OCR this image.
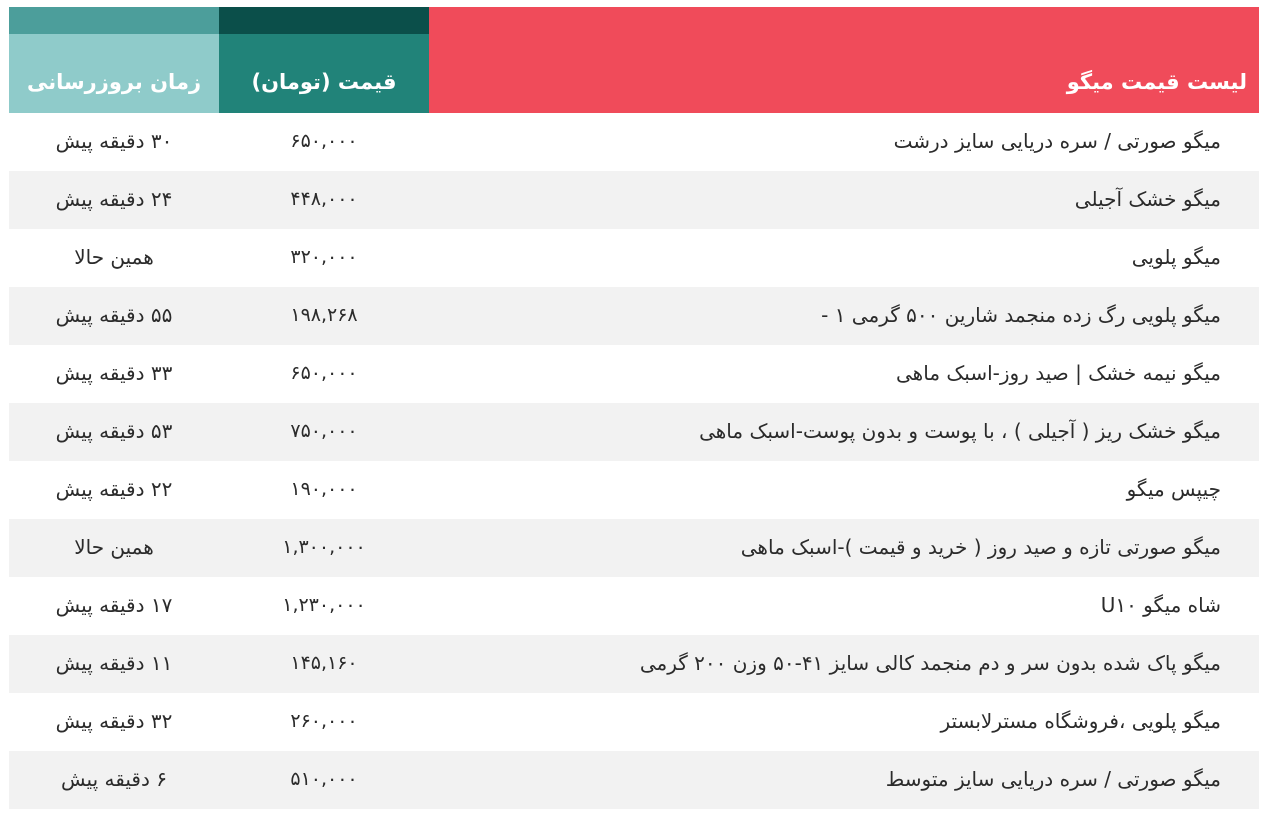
زمان بروزرسانی	قیمت (تومان)	لیست قیمت میگو
۳۰ دقیقه پیش	۶۵۰,۰۰۰	میگو صورتی / سره دریایی سایز درشت
۲۴ دقیقه پیش	۴۴۸,۰۰۰	میگو خشک آجیلی
همین حالا	۳۲۰,۰۰۰	میگو پلویی
۵۵ دقیقه پیش	۱۹۸,۲۶۸	میگو پلویی رگ زده منجمد شارین ۵۰۰ گرمی ۱ -
۳۳ دقیقه پیش	۶۵۰,۰۰۰	میگو نیمه خشک | صید روز-اسبک ماهی
۵۳ دقیقه پیش	۷۵۰,۰۰۰	میگو خشک ریز ( آجیلی ) ، با پوست و بدون پوست-اسبک ماهی
۲۲ دقیقه پیش	۱۹۰,۰۰۰	چیپس میگو
همین حالا	۱,۳۰۰,۰۰۰	میگو صورتی تازه و صید روز ( خرید و قیمت )-اسبک ماهی
۱۷ دقیقه پیش	۱,۲۳۰,۰۰۰	شاه میگو U۱۰
۱۱ دقیقه پیش	۱۴۵,۱۶۰	میگو پاک شده بدون سر و دم منجمد کالی سایز ۴۱-۵۰ وزن ۲۰۰ گرمی
۳۲ دقیقه پیش	۲۶۰,۰۰۰	میگو پلویی ،فروشگاه مسترلابستر
۶ دقیقه پیش	۵۱۰,۰۰۰	میگو صورتی / سره دریایی سایز متوسط
